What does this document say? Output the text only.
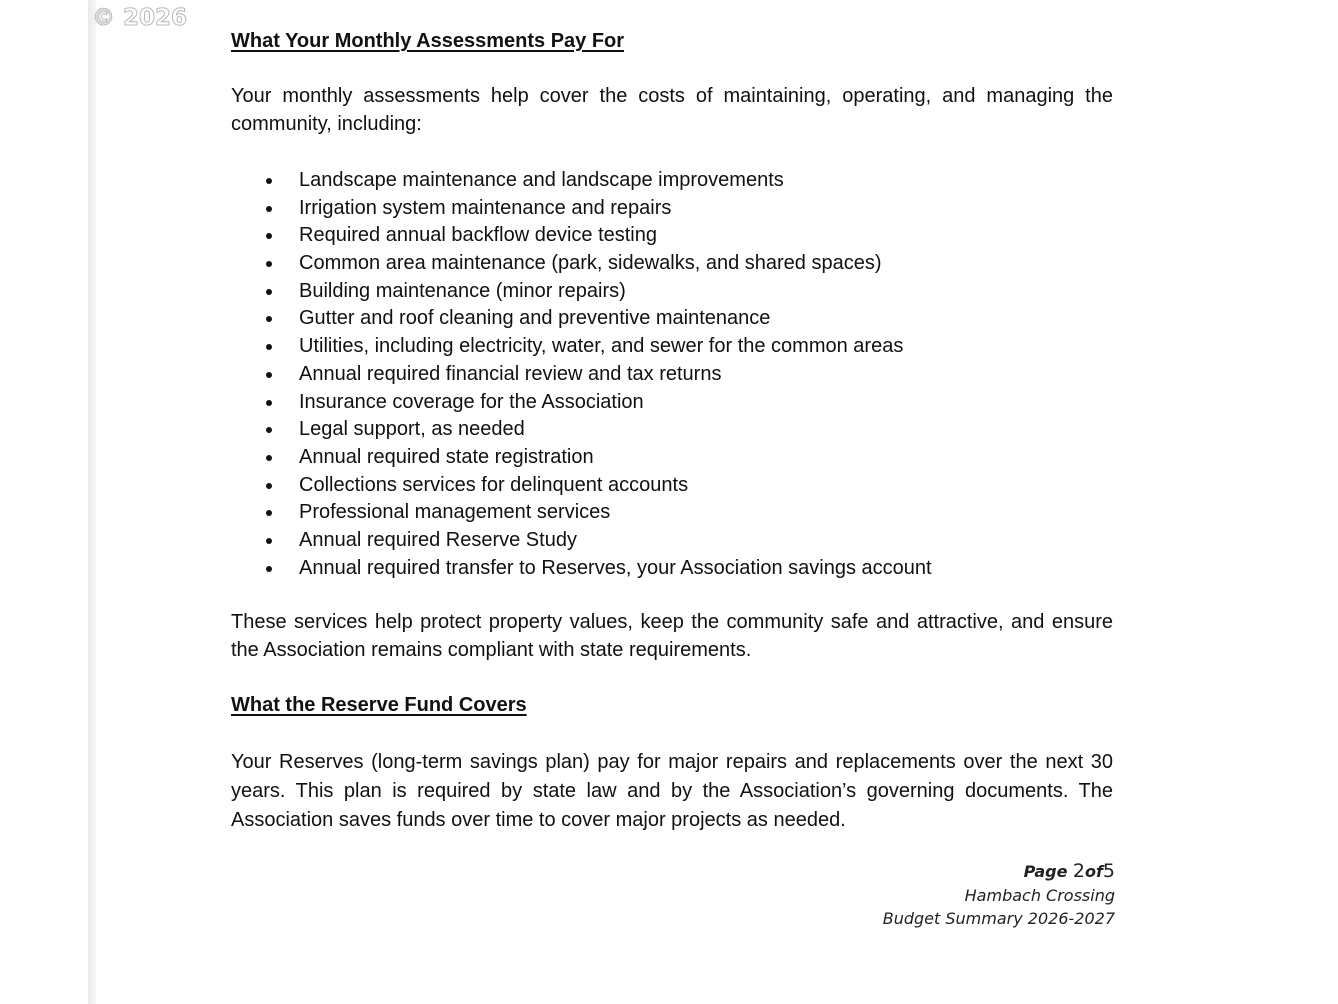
© 2026
What Your Monthly Assessments Pay For

Your monthly assessments help cover the costs of maintaining, operating, and managing the community, including:

Landscape maintenance and landscape improvements
Irrigation system maintenance and repairs
Required annual backflow device testing
Common area maintenance (park, sidewalks, and shared spaces)
Building maintenance (minor repairs)
Gutter and roof cleaning and preventive maintenance
Utilities, including electricity, water, and sewer for the common areas
Annual required financial review and tax returns
Insurance coverage for the Association
Legal support, as needed
Annual required state registration
Collections services for delinquent accounts
Professional management services
Annual required Reserve Study
Annual required transfer to Reserves, your Association savings account

These services help protect property values, keep the community safe and attractive, and ensure the Association remains compliant with state requirements.

What the Reserve Fund Covers

Your Reserves (long-term savings plan) pay for major repairs and replacements over the next 30 years. This plan is required by state law and by the Association’s governing documents. The Association saves funds over time to cover major projects as needed.

Page 2of5
Hambach Crossing
Budget Summary 2026-2027
